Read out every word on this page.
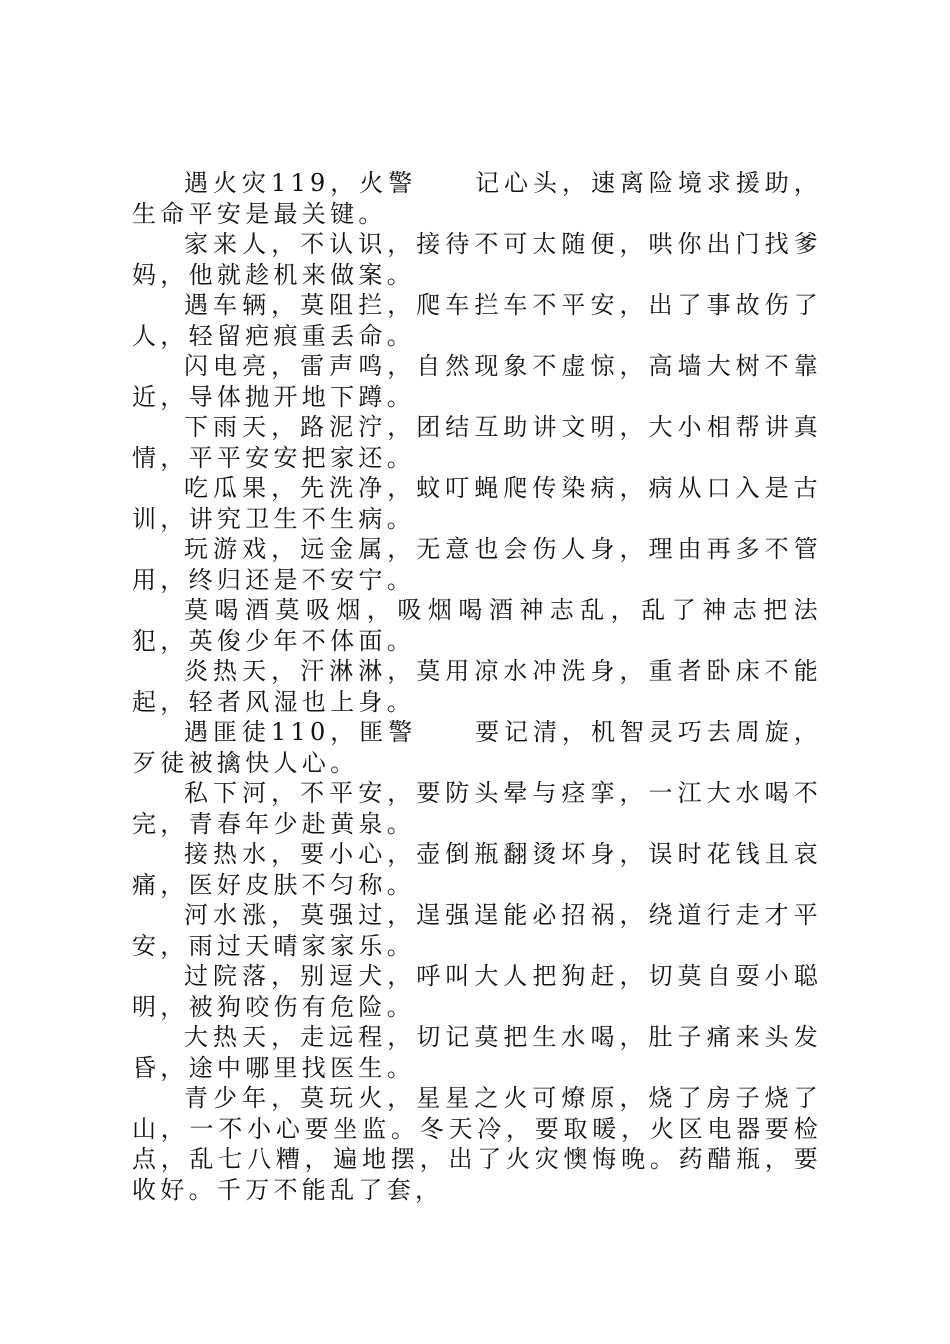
遇火灾119，火警　　记心头，速离险境求援助，生命平安是最关键。

家来人，不认识，接待不可太随便，哄你出门找爹妈，他就趁机来做案。

遇车辆，莫阻拦，爬车拦车不平安，出了事故伤了人，轻留疤痕重丢命。

闪电亮，雷声鸣，自然现象不虚惊，高墙大树不靠近，导体抛开地下蹲。

下雨天，路泥泞，团结互助讲文明，大小相帮讲真情，平平安安把家还。

吃瓜果，先洗净，蚊叮蝇爬传染病，病从口入是古训，讲究卫生不生病。

玩游戏，远金属，无意也会伤人身，理由再多不管用，终归还是不安宁。

莫喝酒莫吸烟，吸烟喝酒神志乱，乱了神志把法犯，英俊少年不体面。

炎热天，汗淋淋，莫用凉水冲洗身，重者卧床不能起，轻者风湿也上身。

遇匪徒110，匪警　　要记清，机智灵巧去周旋，歹徒被擒快人心。

私下河，不平安，要防头晕与痉挛，一江大水喝不完，青春年少赴黄泉。

接热水，要小心，壶倒瓶翻烫坏身，误时花钱且哀痛，医好皮肤不匀称。

河水涨，莫强过，逞强逞能必招祸，绕道行走才平安，雨过天晴家家乐。

过院落，别逗犬，呼叫大人把狗赶，切莫自耍小聪明，被狗咬伤有危险。

大热天，走远程，切记莫把生水喝，肚子痛来头发昏，途中哪里找医生。

青少年，莫玩火，星星之火可燎原，烧了房子烧了山，一不小心要坐监。冬天冷，要取暖，火区电器要检点，乱七八糟，遍地摆，出了火灾懊悔晚。药醋瓶，要收好。千万不能乱了套，
